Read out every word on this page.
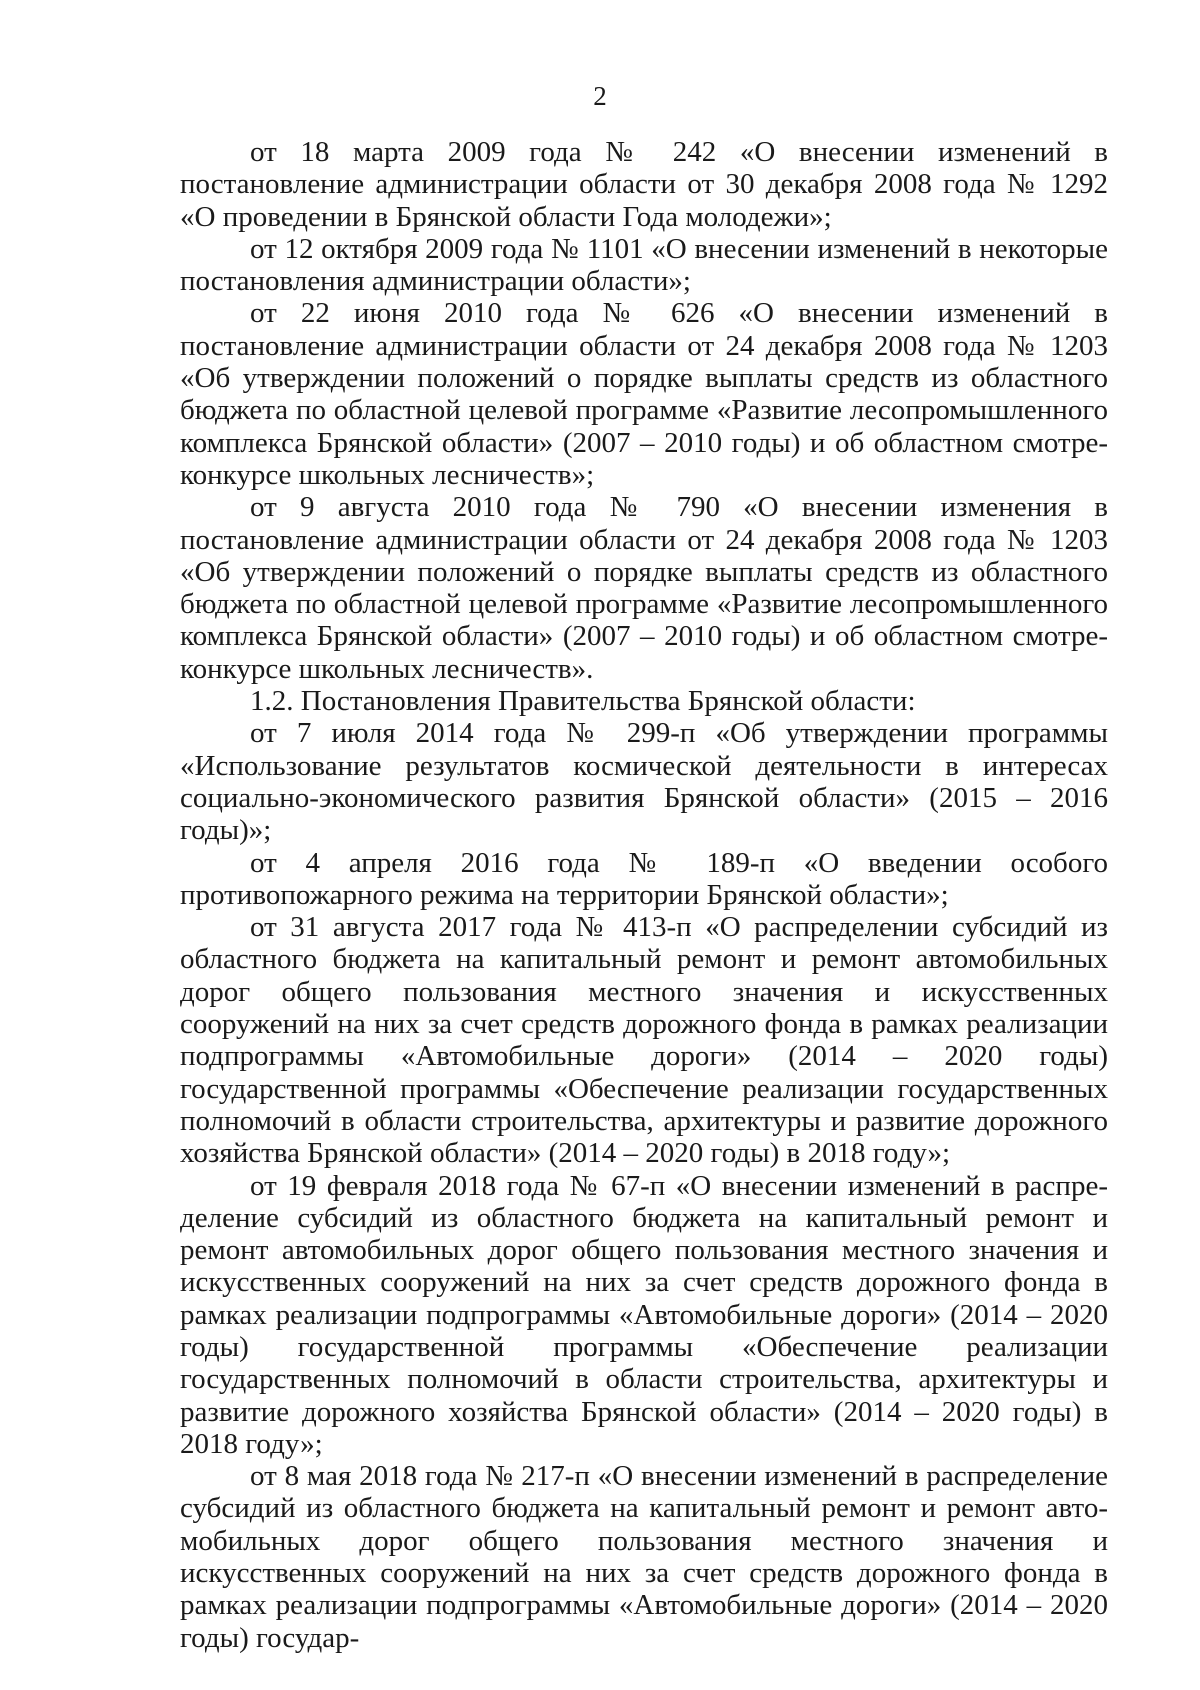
2

от 18 марта 2009 года № 242 «О внесении изменений в постановление администрации области от 30 декабря 2008 года № 1292 «О проведении в Брянской области Года молодежи»;

от 12 октября 2009 года № 1101 «О внесении изменений в некоторые постановления администрации области»;

от 22 июня 2010 года № 626 «О внесении изменений в постановление администрации области от 24 декабря 2008 года № 1203 «Об утверждении положений о порядке выплаты средств из областного бюджета по областной целевой программе «Развитие лесопромышленного комплекса Брянской области» (2007 – 2010 годы) и об областном смотре-конкурсе школьных лесничеств»;

от 9 августа 2010 года № 790 «О внесении изменения в постановление администрации области от 24 декабря 2008 года № 1203 «Об утверждении положений о порядке выплаты средств из областного бюджета по областной целевой программе «Развитие лесопромышленного комплекса Брянской области» (2007 – 2010 годы) и об областном смотре-конкурсе школьных лесничеств».

1.2. Постановления Правительства Брянской области:

от 7 июля 2014 года № 299-п «Об утверждении программы «Использование результатов космической деятельности в интересах социально-экономического развития Брянской области» (2015 – 2016 годы)»;

от 4 апреля 2016 года № 189-п «О введении особого противопожарного режима на территории Брянской области»;

от 31 августа 2017 года № 413-п «О распределении субсидий из областного бюджета на капитальный ремонт и ремонт автомобильных дорог общего пользования местного значения и искусственных сооружений на них за счет средств дорожного фонда в рамках реализации подпрограммы «Автомобильные дороги» (2014 – 2020 годы) государственной программы «Обеспечение реализации государственных полномочий в области строительства, архитектуры и развитие дорожного хозяйства Брянской области» (2014 – 2020 годы) в 2018 году»;

от 19 февраля 2018 года № 67-п «О внесении изменений в распределение субсидий из областного бюджета на капитальный ремонт и ремонт автомобильных дорог общего пользования местного значения и искусственных сооружений на них за счет средств дорожного фонда в рамках реализации подпрограммы «Автомобильные дороги» (2014 – 2020 годы) государственной программы «Обеспечение реализации государственных полномочий в области строительства, архитектуры и развитие дорожного хозяйства Брянской области» (2014 – 2020 годы) в 2018 году»;

от 8 мая 2018 года № 217-п «О внесении изменений в распределение субсидий из областного бюджета на капитальный ремонт и ремонт автомобильных дорог общего пользования местного значения и искусственных сооружений на них за счет средств дорожного фонда в рамках реализации подпрограммы «Автомобильные дороги» (2014 – 2020 годы) государ-
